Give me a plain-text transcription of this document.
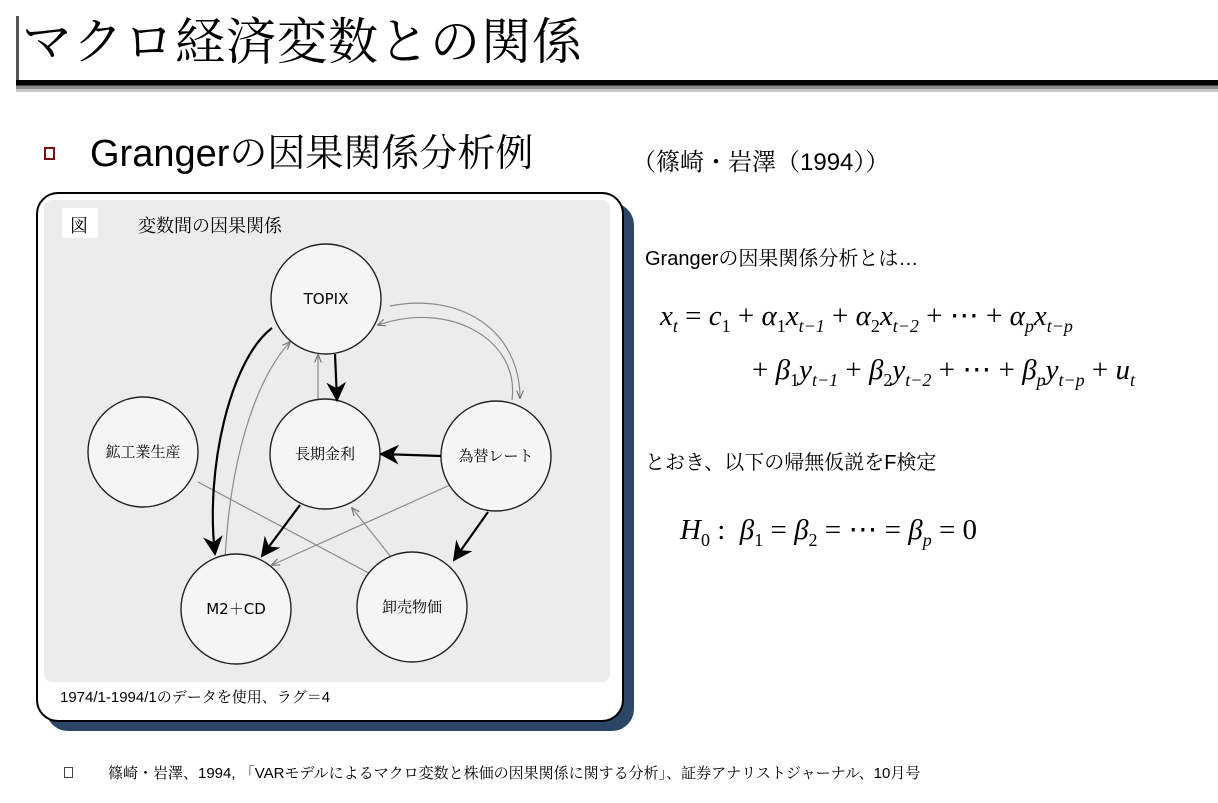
マクロ経済変数との関係
Grangerの因果関係分析例	（篠崎・岩澤（1994））
図	変数間の因果関係
TOPIX
鉱工業生産	長期金利	為替レート
M2＋CD	卸売物価
1974/1-1994/1のデータを使用、ラグ＝4
Grangerの因果関係分析とは…
$x_t = c_1 + \alpha_1x_{t-1} + \alpha_2x_{t-2}$ + ⋯ + $\alpha_px_{t-p}$
+ $\beta_1y_{t-1} + \beta_2y_{t-2}$ + ⋯ + $\beta_py_{t-p} + u_t$
とおき、以下の帰無仮説をF検定
$H_0$ :  $\beta_1 = \beta_2$ = ⋯ = $\beta_p = 0$
篠崎・岩澤、1994, 「VARモデルによるマクロ変数と株価の因果関係に関する分析」、証券アナリストジャーナル、10月号
